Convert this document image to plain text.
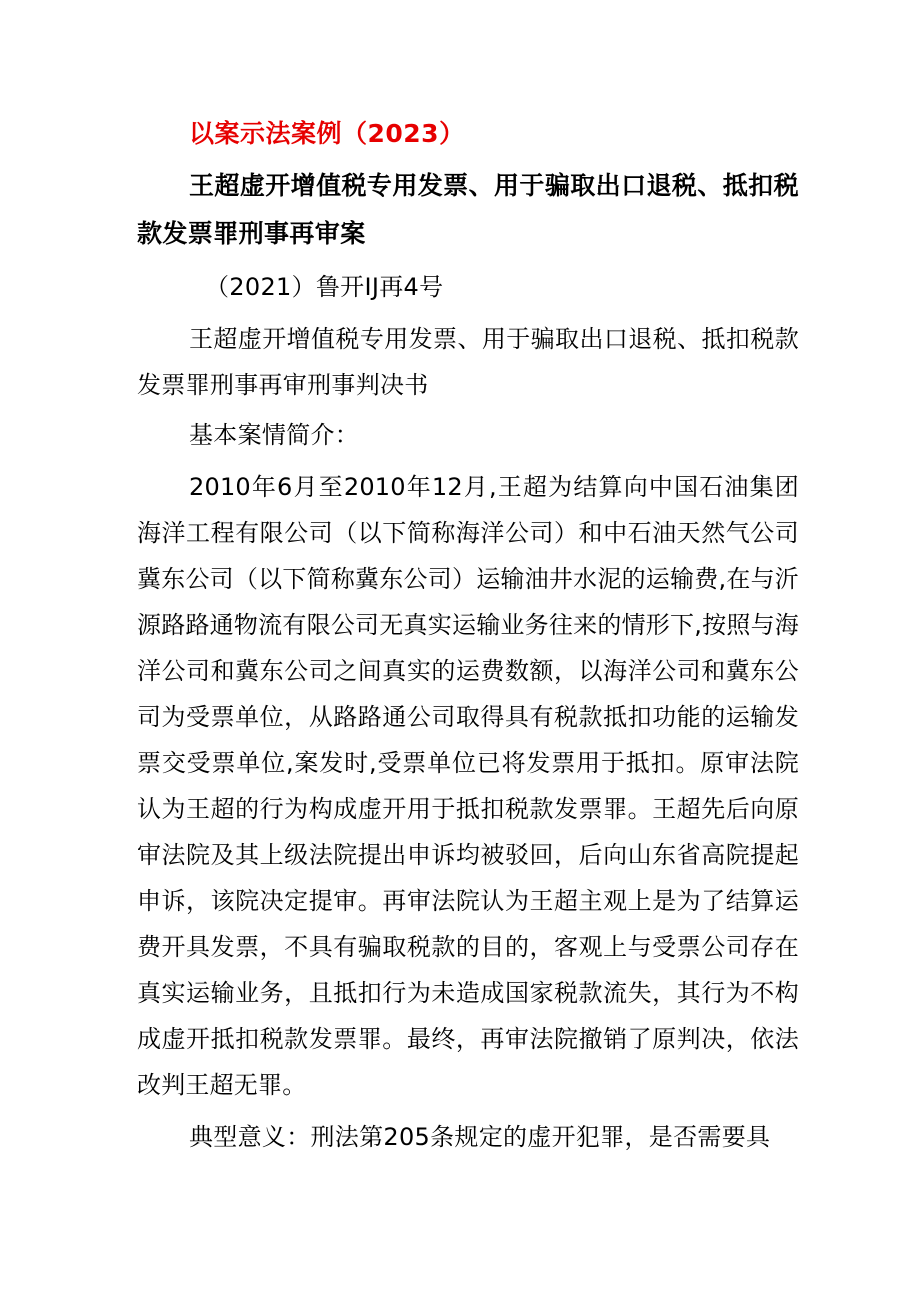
以案示法案例（2023）

王超虚开增值税专用发票、用于骗取出口退税、抵扣税款发票罪刑事再审案

（2021）鲁开IJ再4号

王超虚开增值税专用发票、用于骗取出口退税、抵扣税款发票罪刑事再审刑事判决书

基本案情简介：

2010年6月至2010年12月,王超为结算向中国石油集团海洋工程有限公司（以下简称海洋公司）和中石油天然气公司冀东公司（以下简称冀东公司）运输油井水泥的运输费,在与沂源路路通物流有限公司无真实运输业务往来的情形下,按照与海洋公司和冀东公司之间真实的运费数额，以海洋公司和冀东公司为受票单位，从路路通公司取得具有税款抵扣功能的运输发票交受票单位,案发时,受票单位已将发票用于抵扣。原审法院认为王超的行为构成虚开用于抵扣税款发票罪。王超先后向原审法院及其上级法院提出申诉均被驳回，后向山东省高院提起申诉，该院决定提审。再审法院认为王超主观上是为了结算运费开具发票，不具有骗取税款的目的，客观上与受票公司存在真实运输业务，且抵扣行为未造成国家税款流失，其行为不构成虚开抵扣税款发票罪。最终，再审法院撤销了原判决，依法改判王超无罪。

典型意义：刑法第205条规定的虚开犯罪，是否需要具
